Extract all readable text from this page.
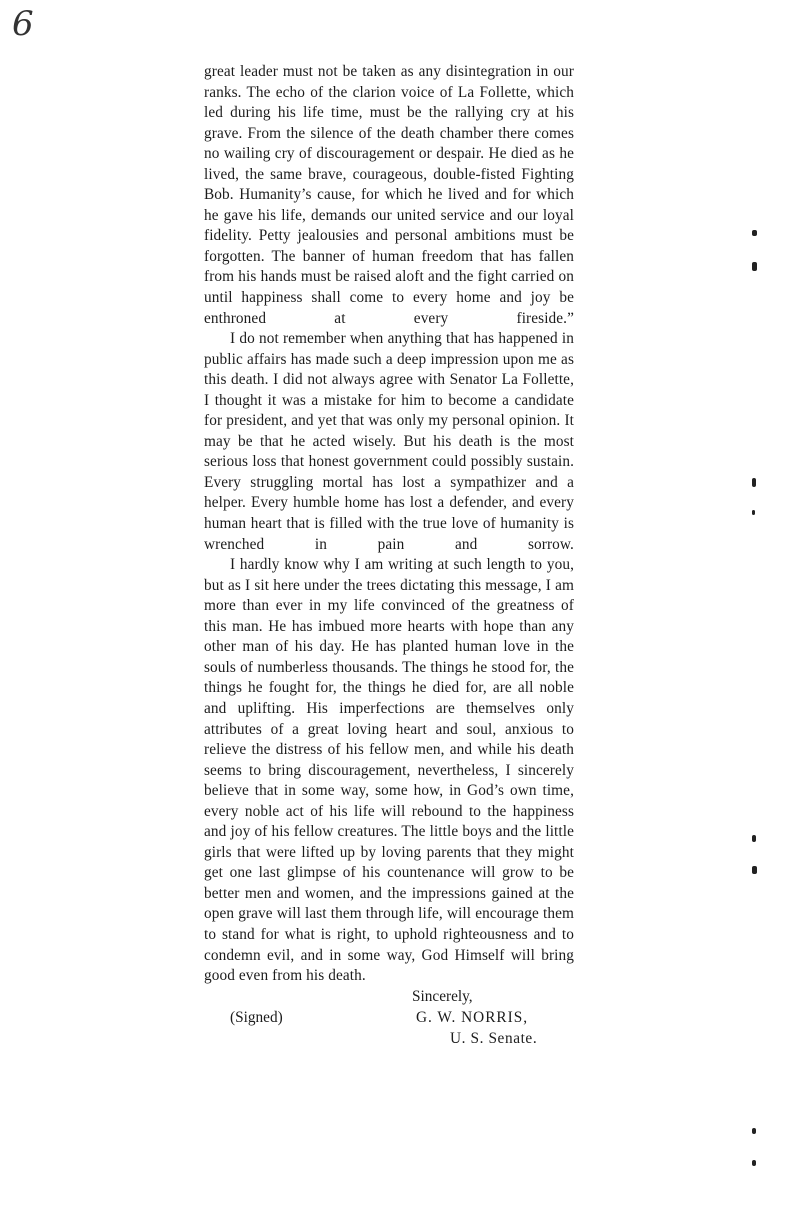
6

great leader must not be taken as any disintegration in our ranks. The echo of the clarion voice of La Follette, which led during his life time, must be the rallying cry at his grave. From the silence of the death chamber there comes no wailing cry of discouragement or despair. He died as he lived, the same brave, courageous, double-fisted Fighting Bob. Humanity’s cause, for which he lived and for which he gave his life, demands our united service and our loyal fidelity. Petty jealousies and personal ambitions must be forgotten. The banner of human freedom that has fallen from his hands must be raised aloft and the fight carried on until happiness shall come to every home and joy be enthroned at every fireside.”

I do not remember when anything that has happened in public affairs has made such a deep impression upon me as this death. I did not always agree with Senator La Follette, I thought it was a mistake for him to become a candidate for president, and yet that was only my personal opinion. It may be that he acted wisely. But his death is the most serious loss that honest government could possibly sustain. Every struggling mortal has lost a sympathizer and a helper. Every humble home has lost a defender, and every human heart that is filled with the true love of humanity is wrenched in pain and sorrow.

I hardly know why I am writing at such length to you, but as I sit here under the trees dictating this message, I am more than ever in my life convinced of the greatness of this man. He has imbued more hearts with hope than any other man of his day. He has planted human love in the souls of numberless thousands. The things he stood for, the things he fought for, the things he died for, are all noble and uplifting. His imperfections are themselves only attributes of a great loving heart and soul, anxious to relieve the distress of his fellow men, and while his death seems to bring discouragement, nevertheless, I sincerely believe that in some way, some how, in God’s own time, every noble act of his life will rebound to the happiness and joy of his fellow creatures. The little boys and the little girls that were lifted up by loving parents that they might get one last glimpse of his countenance will grow to be better men and women, and the impressions gained at the open grave will last them through life, will encourage them to stand for what is right, to uphold righteousness and to condemn evil, and in some way, God Himself will bring good even from his death.

Sincerely,
(Signed)	G. W. NORRIS,
U. S. Senate.
